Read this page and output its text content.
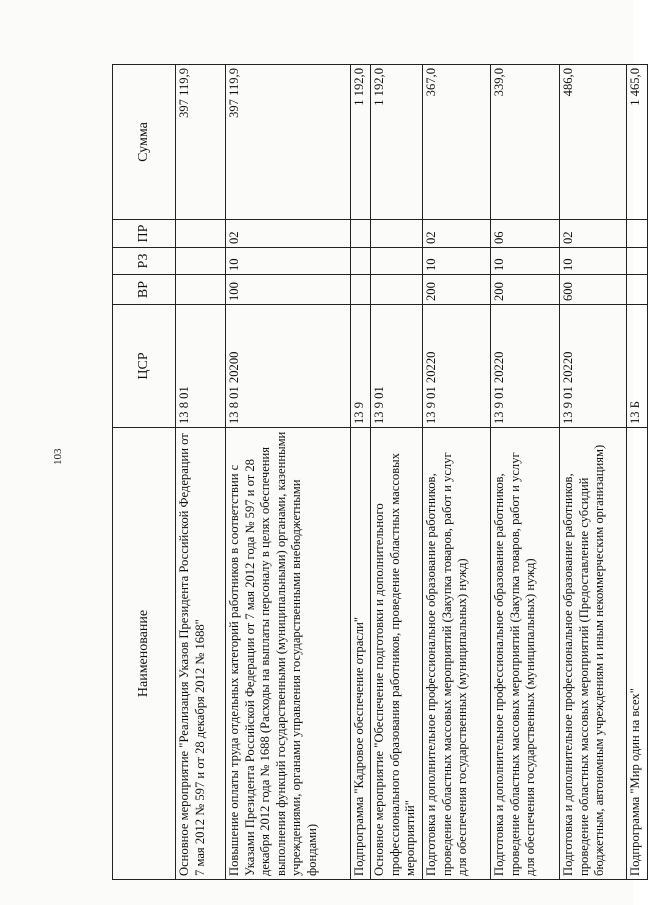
103
Наименование	ЦСР	ВР	РЗ	ПР	Сумма
Основное мероприятие "Реализация Указов Президента Российской Федерации от 7 мая 2012 № 597 и от 28 декабря 2012 № 1688"	13 8 01				397 119,9
Повышение оплаты труда отдельных категорий работников в соответствии с Указами Президента Российской Федерации от 7 мая 2012 года № 597 и от 28 декабря 2012 года № 1688 (Расходы на выплаты персоналу в целях обеспечения выполнения функций государственными (муниципальными) органами, казенными учреждениями, органами управления государственными внебюджетными фондами)	13 8 01 20200	100	10	02	397 119,9
Подпрограмма "Кадровое обеспечение отрасли"	13 9				1 192,0
Основное мероприятие "Обеспечение подготовки и дополнительного профессионального образования работников, проведение областных массовых мероприятий"	13 9 01				1 192,0
Подготовка и дополнительное профессиональное образование работников, проведение областных массовых мероприятий (Закупка товаров, работ и услуг для обеспечения государственных (муниципальных) нужд)	13 9 01 20220	200	10	02	367,0
Подготовка и дополнительное профессиональное образование работников, проведение областных массовых мероприятий (Закупка товаров, работ и услуг для обеспечения государственных (муниципальных) нужд)	13 9 01 20220	200	10	06	339,0
Подготовка и дополнительное профессиональное образование работников, проведение областных массовых мероприятий (Предоставление субсидий бюджетным, автономным учреждениям и иным некоммерческим организациям)	13 9 01 20220	600	10	02	486,0
Подпрограмма "Мир один на всех"	13 Б				1 465,0
